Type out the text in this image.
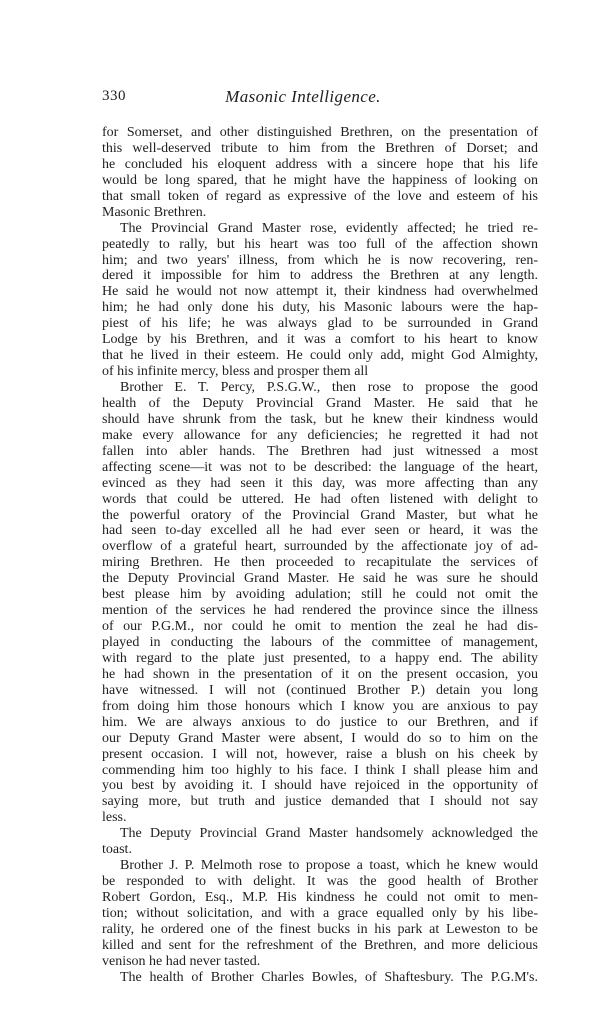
330	Masonic Intelligence.
for Somerset, and other distinguished Brethren, on the presentation of
this well-deserved tribute to him from the Brethren of Dorset; and
he concluded his eloquent address with a sincere hope that his life
would be long spared, that he might have the happiness of looking on
that small token of regard as expressive of the love and esteem of his
Masonic Brethren.
The Provincial Grand Master rose, evidently affected; he tried re-
peatedly to rally, but his heart was too full of the affection shown
him; and two years' illness, from which he is now recovering, ren-
dered it impossible for him to address the Brethren at any length.
He said he would not now attempt it, their kindness had overwhelmed
him; he had only done his duty, his Masonic labours were the hap-
piest of his life; he was always glad to be surrounded in Grand
Lodge by his Brethren, and it was a comfort to his heart to know
that he lived in their esteem. He could only add, might God Almighty,
of his infinite mercy, bless and prosper them all
Brother E. T. Percy, P.S.G.W., then rose to propose the good
health of the Deputy Provincial Grand Master. He said that he
should have shrunk from the task, but he knew their kindness would
make every allowance for any deficiencies; he regretted it had not
fallen into abler hands. The Brethren had just witnessed a most
affecting scene—it was not to be described: the language of the heart,
evinced as they had seen it this day, was more affecting than any
words that could be uttered. He had often listened with delight to
the powerful oratory of the Provincial Grand Master, but what he
had seen to-day excelled all he had ever seen or heard, it was the
overflow of a grateful heart, surrounded by the affectionate joy of ad-
miring Brethren. He then proceeded to recapitulate the services of
the Deputy Provincial Grand Master. He said he was sure he should
best please him by avoiding adulation; still he could not omit the
mention of the services he had rendered the province since the illness
of our P.G.M., nor could he omit to mention the zeal he had dis-
played in conducting the labours of the committee of management,
with regard to the plate just presented, to a happy end. The ability
he had shown in the presentation of it on the present occasion, you
have witnessed. I will not (continued Brother P.) detain you long
from doing him those honours which I know you are anxious to pay
him. We are always anxious to do justice to our Brethren, and if
our Deputy Grand Master were absent, I would do so to him on the
present occasion. I will not, however, raise a blush on his cheek by
commending him too highly to his face. I think I shall please him and
you best by avoiding it. I should have rejoiced in the opportunity of
saying more, but truth and justice demanded that I should not say
less.
The Deputy Provincial Grand Master handsomely acknowledged the
toast.
Brother J. P. Melmoth rose to propose a toast, which he knew would
be responded to with delight. It was the good health of Brother
Robert Gordon, Esq., M.P. His kindness he could not omit to men-
tion; without solicitation, and with a grace equalled only by his libe-
rality, he ordered one of the finest bucks in his park at Leweston to be
killed and sent for the refreshment of the Brethren, and more delicious
venison he had never tasted.
The health of Brother Charles Bowles, of Shaftesbury. The P.G.M's.
